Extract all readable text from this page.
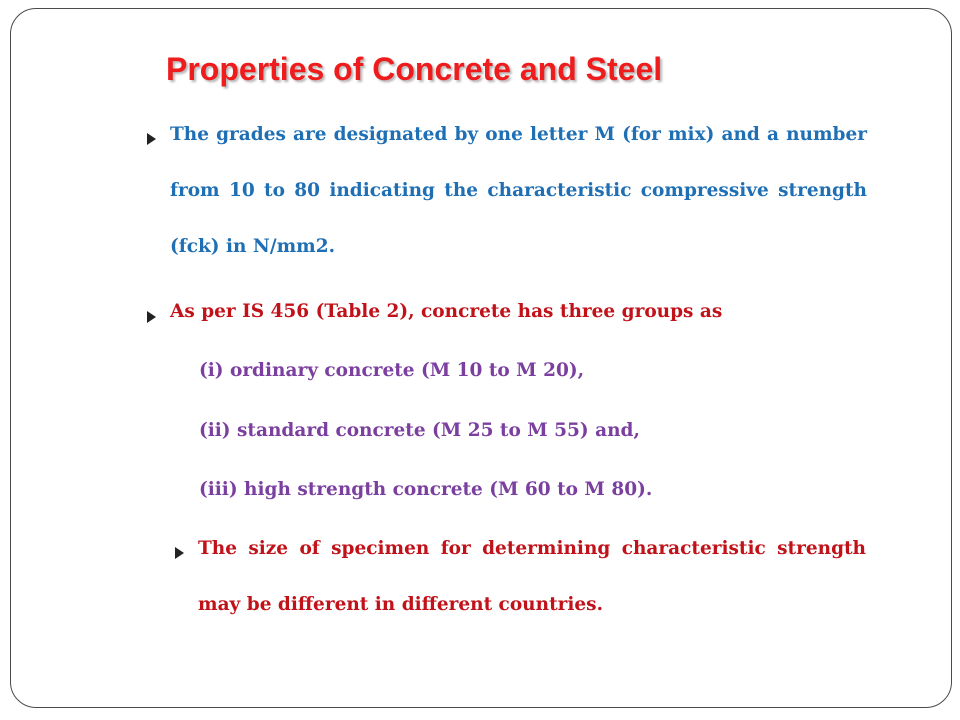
Properties of Concrete and Steel
The grades are designated by one letter M (for mix) and a number from 10 to 80 indicating the characteristic compressive strength (fck) in N/mm2.
As per IS 456 (Table 2), concrete has three groups as

(i) ordinary concrete (M 10 to M 20),

(ii) standard concrete (M 25 to M 55) and,

(iii) high strength concrete (M 60 to M 80).

The size of specimen for determining characteristic strength may be different in different countries.
